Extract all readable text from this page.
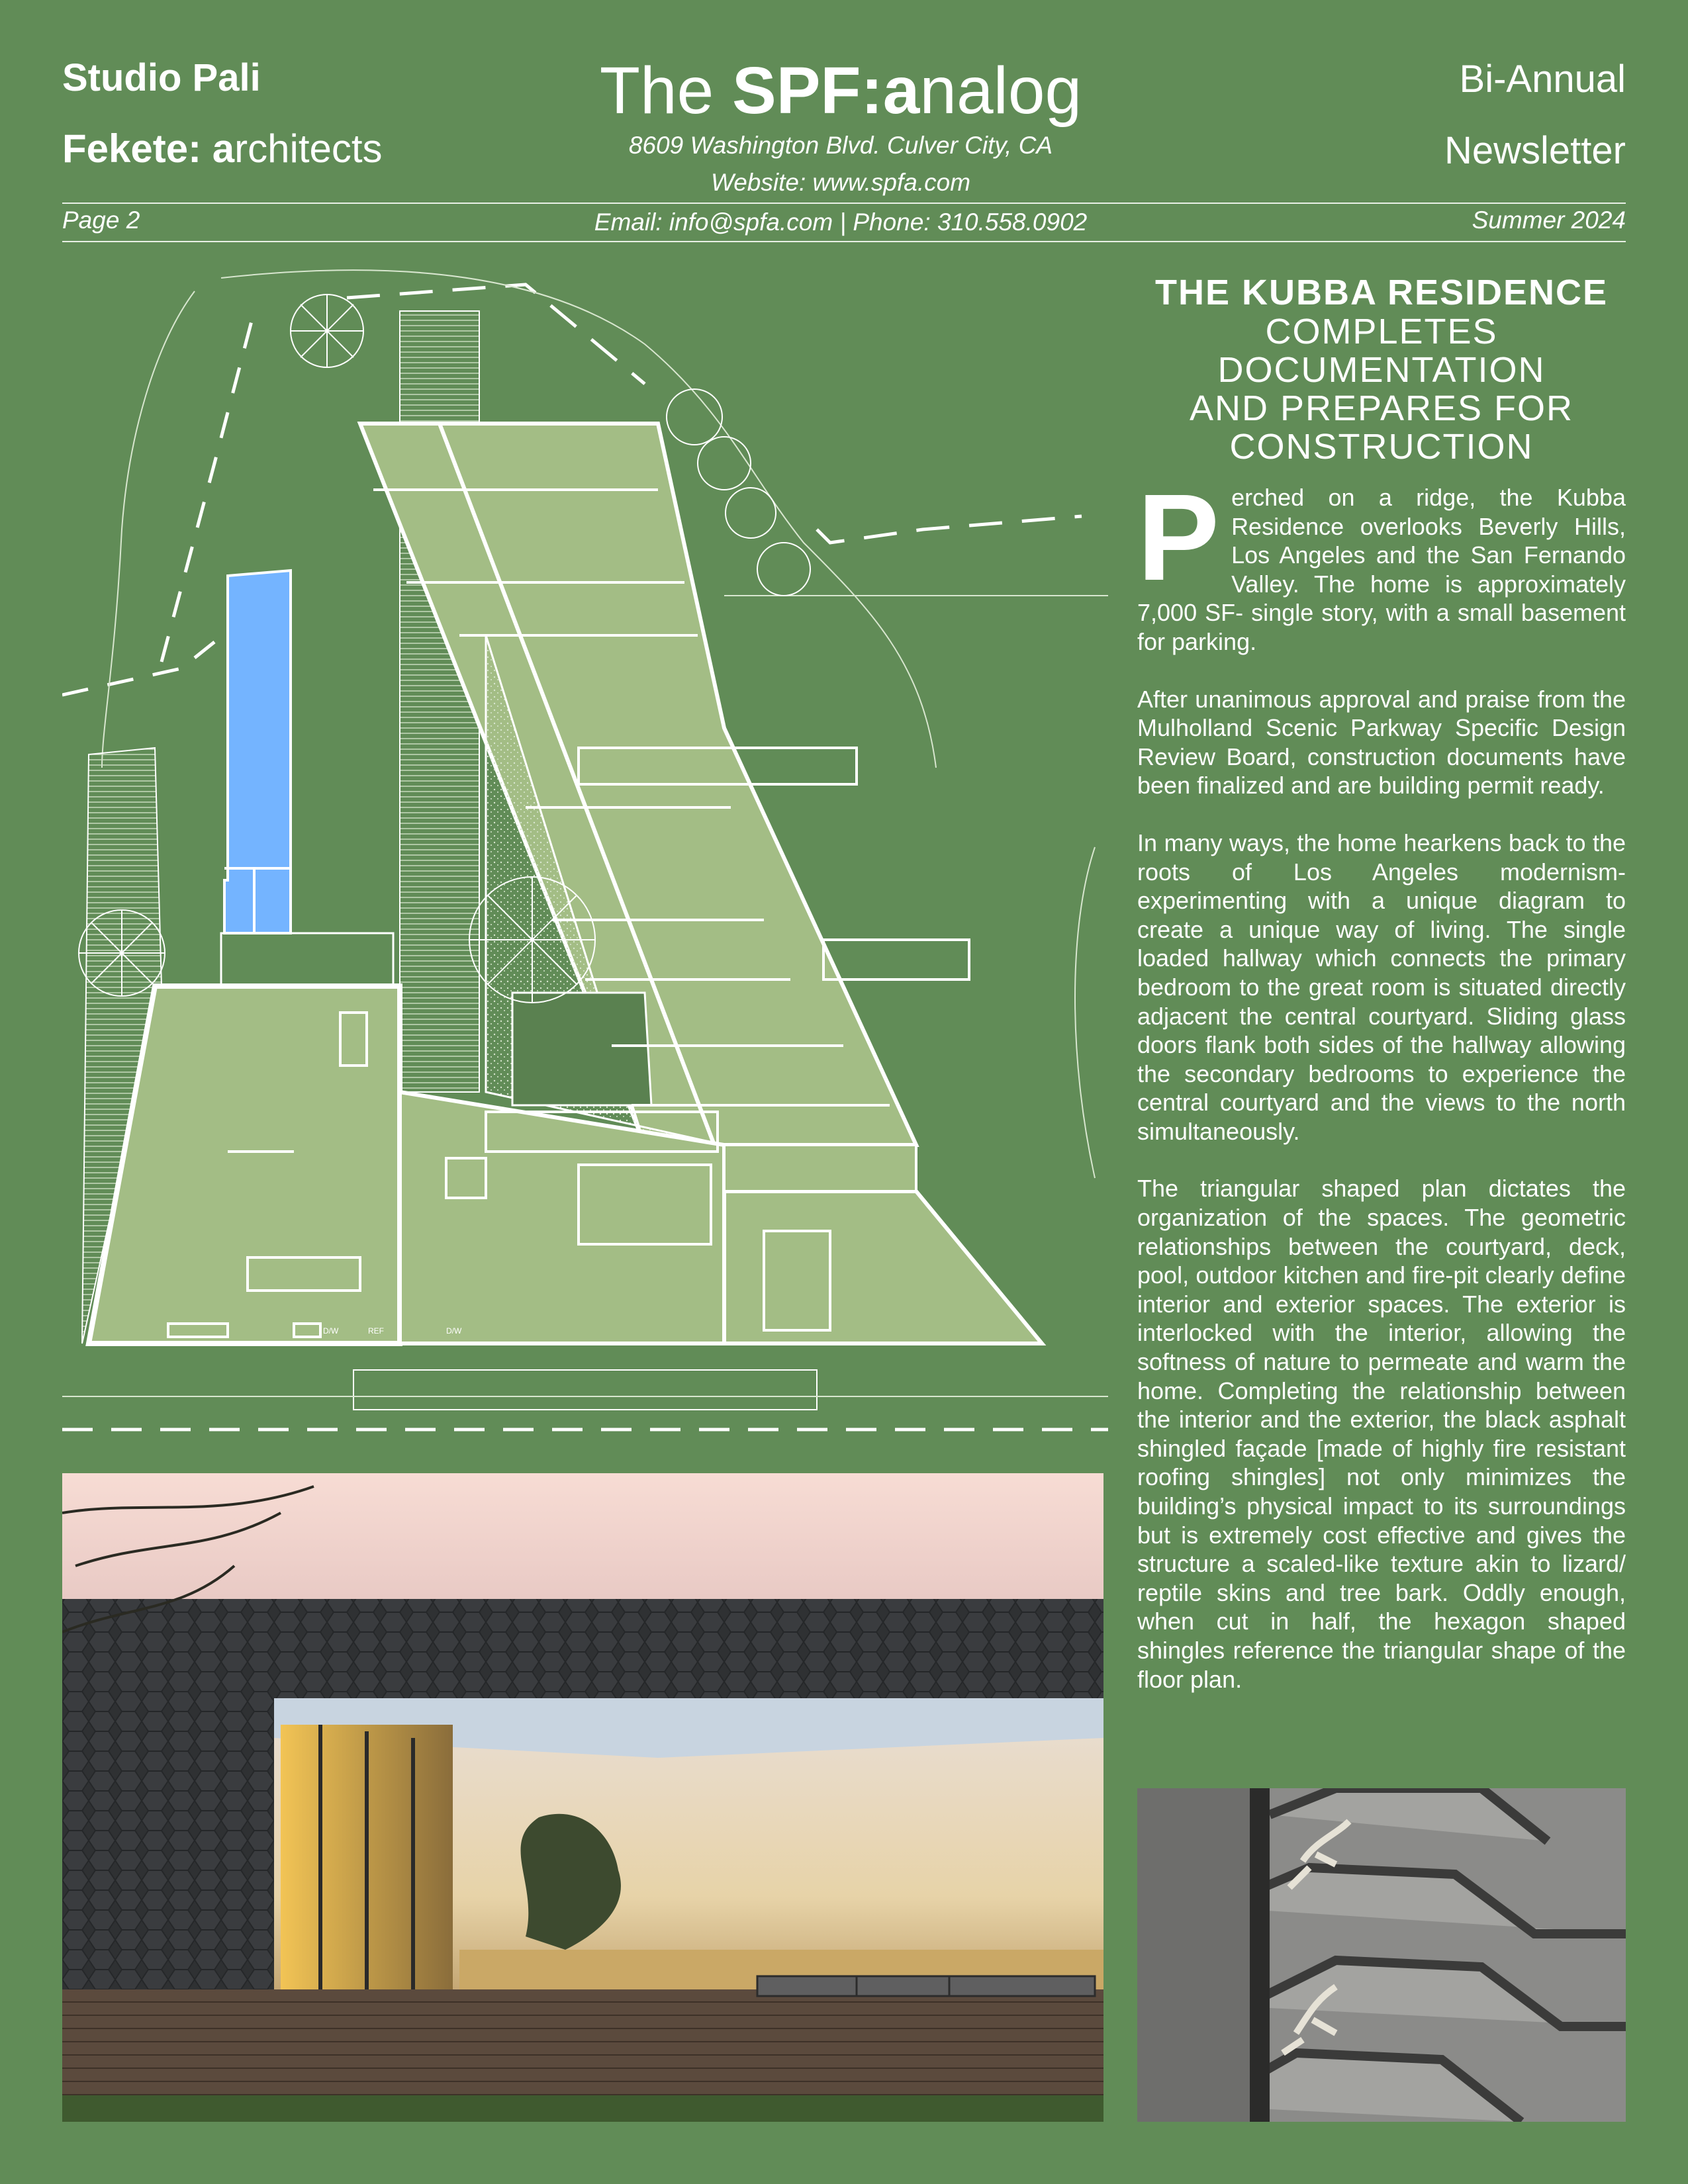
Studio Pali
Fekete: architects
The SPF:analog
8609 Washington Blvd. Culver City, CA
Website: www.spfa.com
Bi-Annual
Newsletter
Page 2	Email: info@spfa.com | Phone: 310.558.0902	Summer 2024
D/W	REF	D/W
THE KUBBA RESIDENCE
COMPLETES
DOCUMENTATION
AND PREPARES FOR
CONSTRUCTION

Perched on a ridge, the Kubba Residence overlooks Beverly Hills, Los Angeles and the San Fernando Valley. The home is approximately 7,000 SF- single story, with a small basement for parking.

After unanimous approval and praise from the Mulholland Scenic Parkway Specific Design Review Board, construction documents have been finalized and are building permit ready.

In many ways, the home hearkens back to the roots of Los Angeles modernism- experimenting with a unique diagram to create a unique way of living. The single loaded hallway which connects the primary bedroom to the great room is situated directly adjacent the central courtyard. Sliding glass doors flank both sides of the hallway allowing the secondary bedrooms to experience the central courtyard and the views to the north simultaneously.

The triangular shaped plan dictates the organization of the spaces. The geometric relationships between the courtyard, deck, pool, outdoor kitchen and fire-pit clearly define interior and exterior spaces. The exterior is interlocked with the interior, allowing the softness of nature to permeate and warm the home. Completing the relationship between the interior and the exterior, the black asphalt shingled façade [made of highly fire resistant roofing shingles] not only minimizes the building’s physical impact to its surroundings but is extremely cost effective and gives the structure a scaled-like texture akin to lizard/ reptile skins and tree bark. Oddly enough, when cut in half, the hexagon shaped shingles reference the triangular shape of the floor plan.
